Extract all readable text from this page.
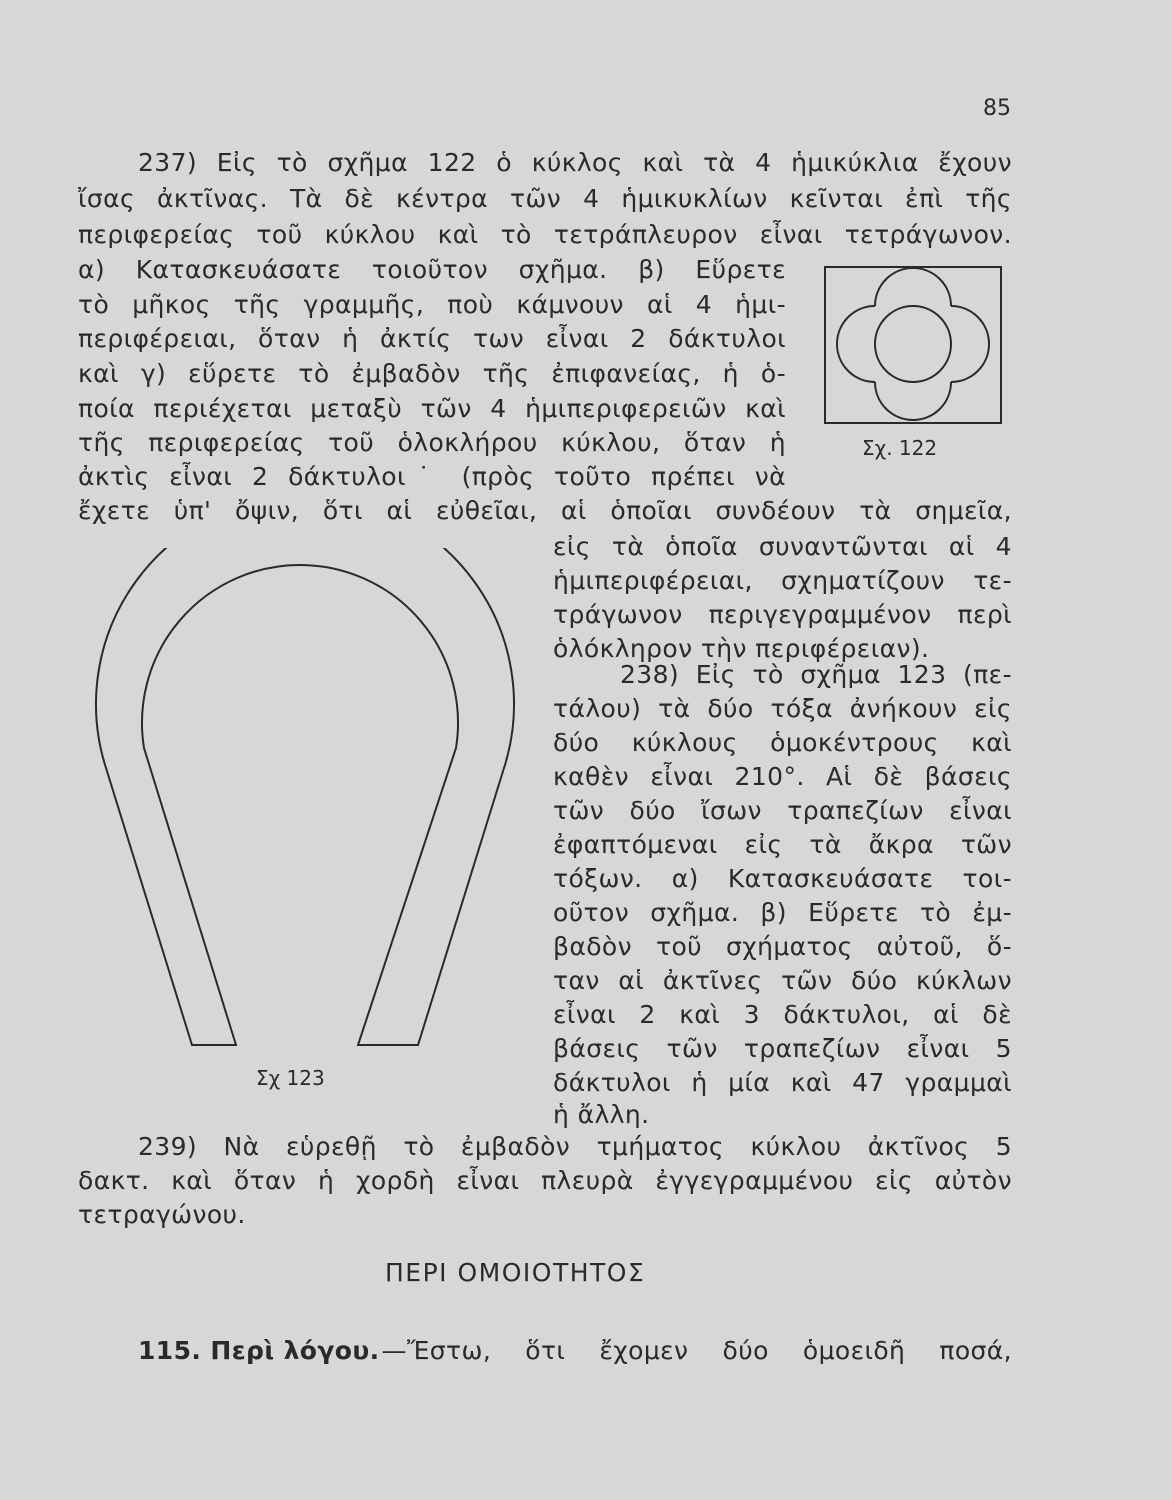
85
237) Εἰς τὸ σχῆμα 122 ὁ κύκλος καὶ τὰ 4 ἡμικύκλια ἔχουν
ἴσας ἀκτῖνας. Τὰ δὲ κέντρα τῶν 4 ἡμικυκλίων κεῖνται ἐπὶ τῆς
περιφερείας τοῦ κύκλου καὶ τὸ τετράπλευρον εἶναι τετράγωνον.
α) Κατασκευάσατε τοιοῦτον σχῆμα. β) Εὕρετε
τὸ μῆκος τῆς γραμμῆς, ποὺ κάμνουν αἱ 4 ἡμι-
περιφέρειαι, ὅταν ἡ ἀκτίς των εἶναι 2 δάκτυλοι
καὶ γ) εὕρετε τὸ ἐμβαδὸν τῆς ἐπιφανείας, ἡ ὁ-
ποία περιέχεται μεταξὺ τῶν 4 ἡμιπεριφερειῶν καὶ
τῆς περιφερείας τοῦ ὁλοκλήρου κύκλου, ὅταν ἡ
ἀκτὶς εἶναι 2 δάκτυλοι˙ (πρὸς τοῦτο πρέπει νὰ
ἔχετε ὑπ' ὄψιν, ὅτι αἱ εὐθεῖαι, αἱ ὁποῖαι συνδέουν τὰ σημεῖα,
εἰς τὰ ὁποῖα συναντῶνται αἱ 4
ἡμιπεριφέρειαι, σχηματίζουν τε-
τράγωνον περιγεγραμμένον περὶ
ὁλόκληρον τὴν περιφέρειαν).
Σχ. 122
Σχ 123
238) Εἰς τὸ σχῆμα 123 (πε-
τάλου) τὰ δύο τόξα ἀνήκουν εἰς
δύο κύκλους ὁμοκέντρους καὶ
καθὲν εἶναι 210°. Αἱ δὲ βάσεις
τῶν δύο ἴσων τραπεζίων εἶναι
ἐφαπτόμεναι εἰς τὰ ἄκρα τῶν
τόξων. α) Κατασκευάσατε τοι-
οῦτον σχῆμα. β) Εὕρετε τὸ ἐμ-
βαδὸν τοῦ σχήματος αὐτοῦ, ὅ-
ταν αἱ ἀκτῖνες τῶν δύο κύκλων
εἶναι 2 καὶ 3 δάκτυλοι, αἱ δὲ
βάσεις τῶν τραπεζίων εἶναι 5
δάκτυλοι ἡ μία καὶ 47 γραμμαὶ
ἡ ἄλλη.
239) Νὰ εὑρεθῇ τὸ ἐμβαδὸν τμήματος κύκλου ἀκτῖνος 5
δακτ. καὶ ὅταν ἡ χορδὴ εἶναι πλευρὰ ἐγγεγραμμένου εἰς αὐτὸν
τετραγώνου.
ΠΕΡΙ ΟΜΟΙΟΤΗΤΟΣ
115. Περὶ λόγου. —Ἔστω, ὅτι ἔχομεν δύο ὁμοειδῆ ποσά,
